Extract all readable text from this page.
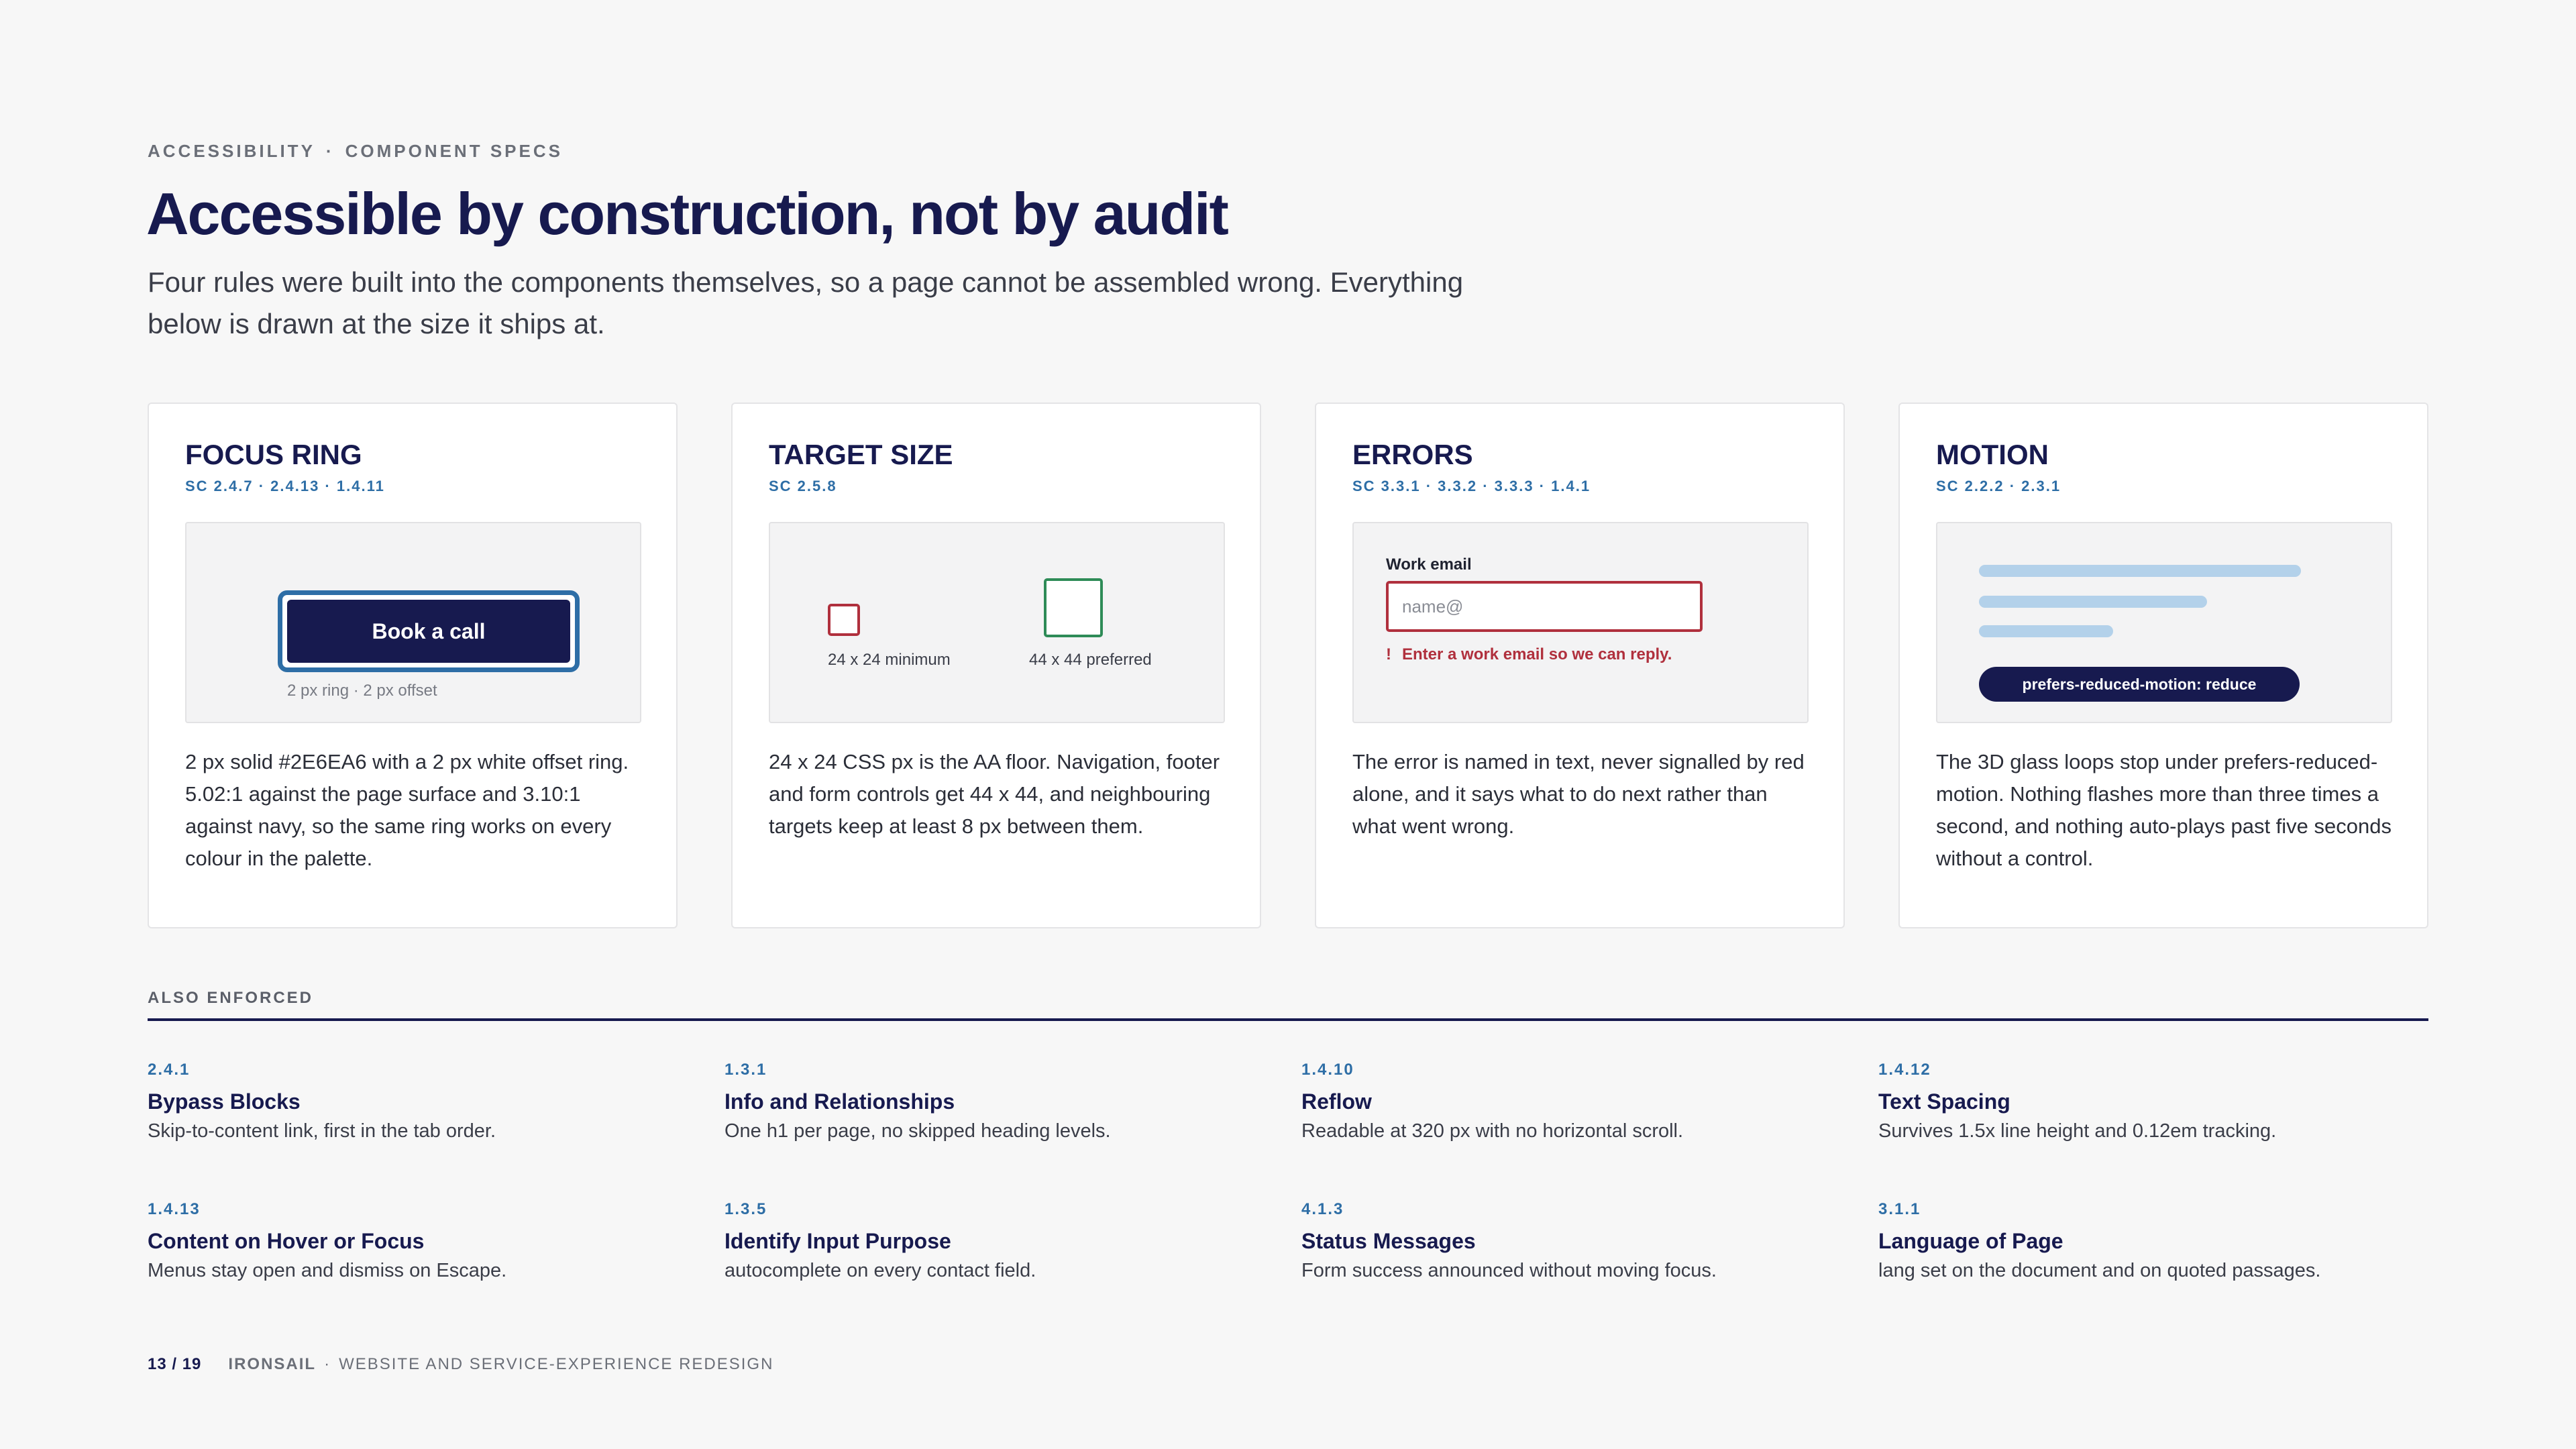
ACCESSIBILITY · COMPONENT SPECS
Accessible by construction, not by audit

Four rules were built into the components themselves, so a page cannot be assembled wrong. Everything below is drawn at the size it ships at.

FOCUS RING
SC 2.4.7 · 2.4.13 · 1.4.11
Book a call
2 px ring · 2 px offset

2 px solid #2E6EA6 with a 2 px white offset ring. 5.02:1 against the page surface and 3.10:1 against navy, so the same ring works on every colour in the palette.

TARGET SIZE
SC 2.5.8
24 x 24 minimum	44 x 44 preferred

24 x 24 CSS px is the AA floor. Navigation, footer and form controls get 44 x 44, and neighbouring targets keep at least 8 px between them.

ERRORS
SC 3.3.1 · 3.3.2 · 3.3.3 · 1.4.1
Work email
name@
! Enter a work email so we can reply.

The error is named in text, never signalled by red alone, and it says what to do next rather than what went wrong.

MOTION
SC 2.2.2 · 2.3.1
prefers-reduced-motion: reduce

The 3D glass loops stop under prefers-reduced-motion. Nothing flashes more than three times a second, and nothing auto-plays past five seconds without a control.

ALSO ENFORCED
2.4.1
Bypass Blocks
Skip-to-content link, first in the tab order.
1.3.1
Info and Relationships
One h1 per page, no skipped heading levels.
1.4.10
Reflow
Readable at 320 px with no horizontal scroll.
1.4.12
Text Spacing
Survives 1.5x line height and 0.12em tracking.
1.4.13
Content on Hover or Focus
Menus stay open and dismiss on Escape.
1.3.5
Identify Input Purpose
autocomplete on every contact field.
4.1.3
Status Messages
Form success announced without moving focus.
3.1.1
Language of Page
lang set on the document and on quoted passages.
13 / 19 IRONSAIL · WEBSITE AND SERVICE-EXPERIENCE REDESIGN
